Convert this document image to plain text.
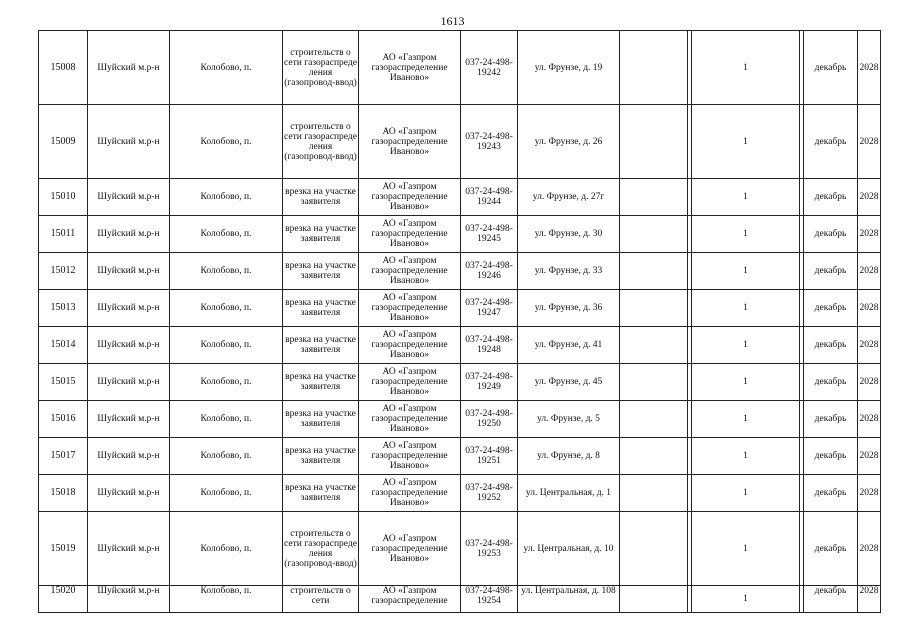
1613
15008	Шуйский м.р-н	Колобово, п.	строительств о сети газораспреде ления (газопровод-ввод)	АО «Газпром газораспределение Иваново»	037-24-498-19242	ул. Фрунзе, д. 19		1	декабрь	2028
15009	Шуйский м.р-н	Колобово, п.	строительств о сети газораспреде ления (газопровод-ввод)	АО «Газпром газораспределение Иваново»	037-24-498-19243	ул. Фрунзе, д. 26		1	декабрь	2028
15010	Шуйский м.р-н	Колобово, п.	врезка на участке заявителя	АО «Газпром газораспределение Иваново»	037-24-498-19244	ул. Фрунзе, д. 27г		1	декабрь	2028
15011	Шуйский м.р-н	Колобово, п.	врезка на участке заявителя	АО «Газпром газораспределение Иваново»	037-24-498-19245	ул. Фрунзе, д. 30		1	декабрь	2028
15012	Шуйский м.р-н	Колобово, п.	врезка на участке заявителя	АО «Газпром газораспределение Иваново»	037-24-498-19246	ул. Фрунзе, д. 33		1	декабрь	2028
15013	Шуйский м.р-н	Колобово, п.	врезка на участке заявителя	АО «Газпром газораспределение Иваново»	037-24-498-19247	ул. Фрунзе, д. 36		1	декабрь	2028
15014	Шуйский м.р-н	Колобово, п.	врезка на участке заявителя	АО «Газпром газораспределение Иваново»	037-24-498-19248	ул. Фрунзе, д. 41		1	декабрь	2028
15015	Шуйский м.р-н	Колобово, п.	врезка на участке заявителя	АО «Газпром газораспределение Иваново»	037-24-498-19249	ул. Фрунзе, д. 45		1	декабрь	2028
15016	Шуйский м.р-н	Колобово, п.	врезка на участке заявителя	АО «Газпром газораспределение Иваново»	037-24-498-19250	ул. Фрунзе, д. 5		1	декабрь	2028
15017	Шуйский м.р-н	Колобово, п.	врезка на участке заявителя	АО «Газпром газораспределение Иваново»	037-24-498-19251	ул. Фрунзе, д. 8		1	декабрь	2028
15018	Шуйский м.р-н	Колобово, п.	врезка на участке заявителя	АО «Газпром газораспределение Иваново»	037-24-498-19252	ул. Центральная, д. 1		1	декабрь	2028
15019	Шуйский м.р-н	Колобово, п.	строительств о сети газораспреде ления (газопровод-ввод)	АО «Газпром газораспределение Иваново»	037-24-498-19253	ул. Центральная, д. 10		1	декабрь	2028
15020	Шуйский м.р-н	Колобово, п.	строительств о сети	АО «Газпром газораспределение	037-24-498-19254	ул. Центральная, д. 108		1	декабрь	2028
